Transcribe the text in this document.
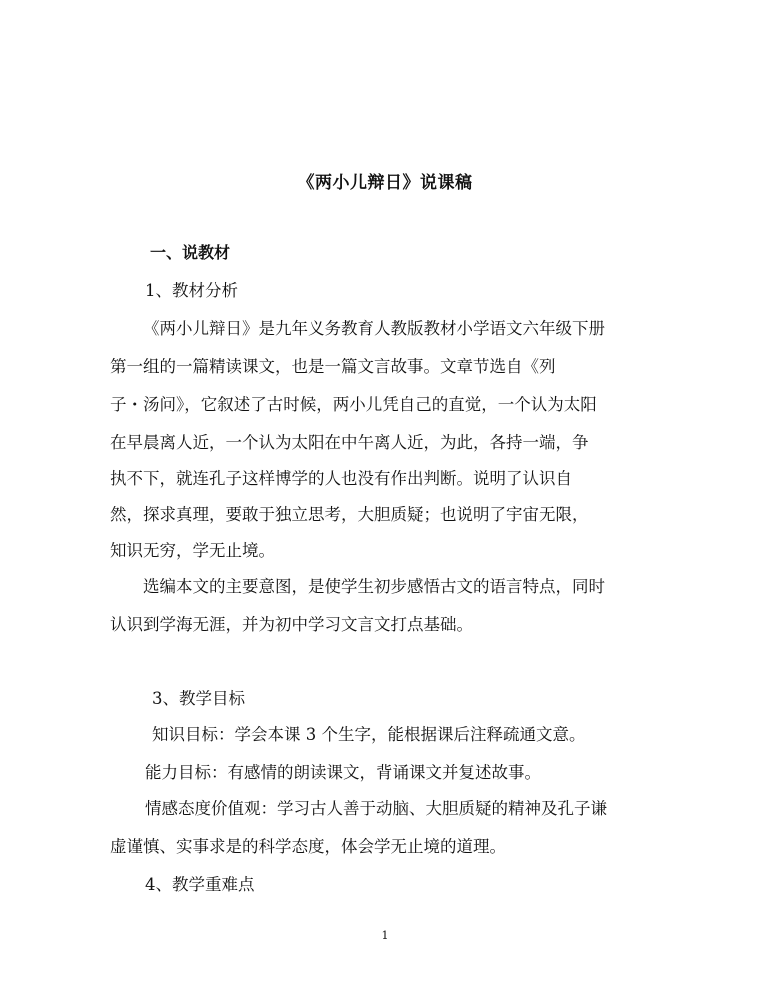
《两小儿辩日》说课稿
一、说教材
1、教材分析
《两小儿辩日》是九年义务教育人教版教材小学语文六年级下册
第一组的一篇精读课文，也是一篇文言故事。文章节选自《列
子・汤问》，它叙述了古时候，两小儿凭自己的直觉，一个认为太阳
在早晨离人近，一个认为太阳在中午离人近，为此，各持一端，争
执不下，就连孔子这样博学的人也没有作出判断。说明了认识自
然，探求真理，要敢于独立思考，大胆质疑；也说明了宇宙无限，
知识无穷，学无止境。
选编本文的主要意图，是使学生初步感悟古文的语言特点，同时
认识到学海无涯，并为初中学习文言文打点基础。
3、教学目标
知识目标：学会本课 3 个生字，能根据课后注释疏通文意。
能力目标：有感情的朗读课文，背诵课文并复述故事。
情感态度价值观：学习古人善于动脑、大胆质疑的精神及孔子谦
虚谨慎、实事求是的科学态度，体会学无止境的道理。
4、教学重难点
1
